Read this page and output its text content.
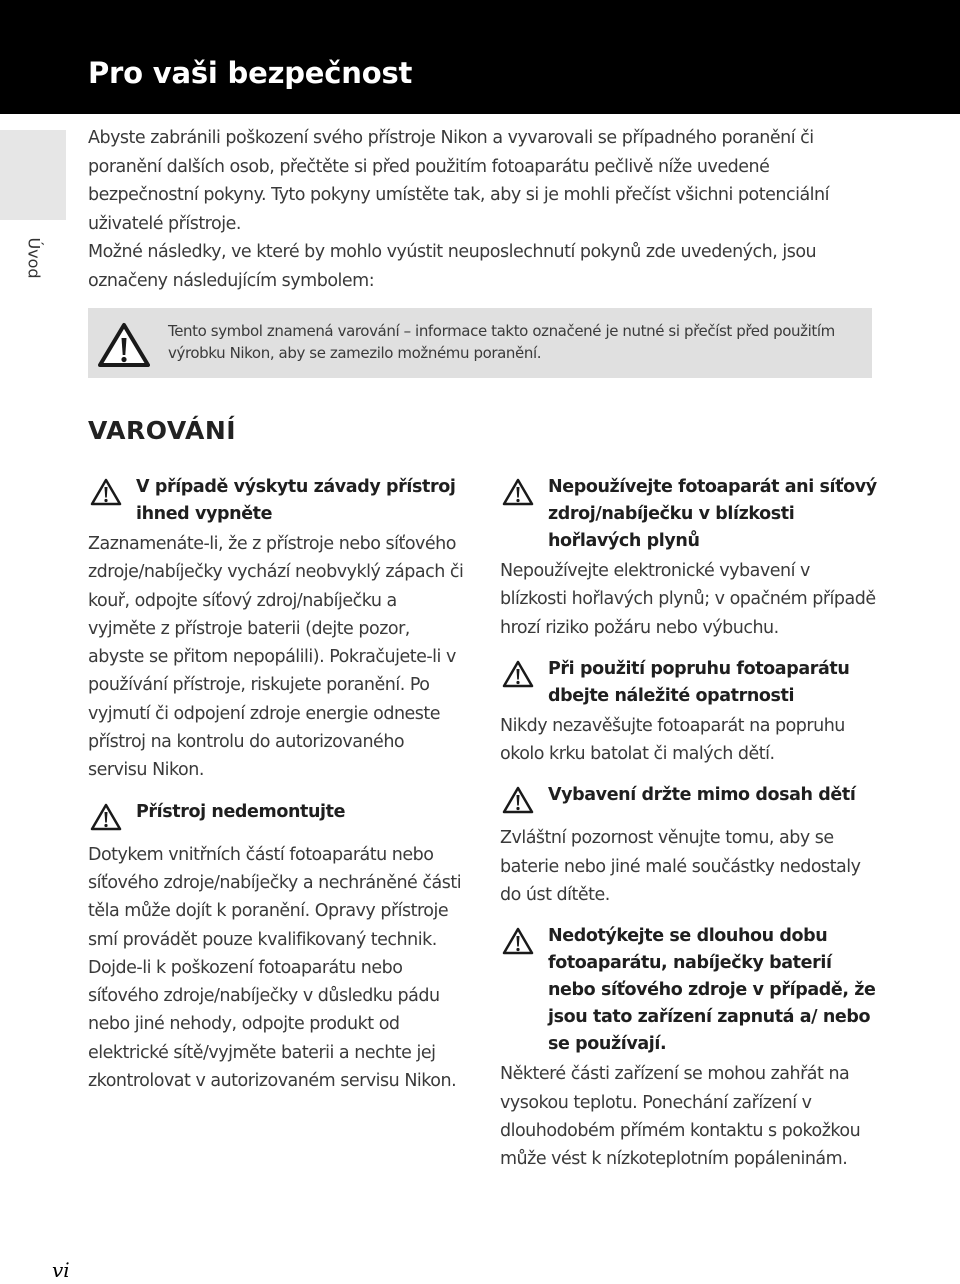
Pro vaši bezpečnost
Úvod

Abyste zabránili poškození svého přístroje Nikon a vyvarovali se případného poranění či poranění dalších osob, přečtěte si před použitím fotoaparátu pečlivě níže uvedené bezpečnostní pokyny. Tyto pokyny umístěte tak, aby si je mohli přečíst všichni potenciální uživatelé přístroje.

Možné následky, ve které by mohlo vyústit neuposlechnutí pokynů zde uvedených, jsou označeny následujícím symbolem:

Tento symbol znamená varování – informace takto označené je nutné si přečíst před použitím výrobku Nikon, aby se zamezilo možnému poranění.
VAROVÁNÍ
V případě výskytu závady přístroj ihned vypněte
Zaznamenáte-li, že z přístroje nebo síťového zdroje/nabíječky vychází neobvyklý zápach či kouř, odpojte síťový zdroj/nabíječku a vyjměte z přístroje baterii (dejte pozor, abyste se přitom nepopálili). Pokračujete-li v používání přístroje, riskujete poranění. Po vyjmutí či odpojení zdroje energie odneste přístroj na kontrolu do autorizovaného servisu Nikon.
Přístroj nedemontujte
Dotykem vnitřních částí fotoaparátu nebo síťového zdroje/nabíječky a nechráněné části těla může dojít k poranění. Opravy přístroje smí provádět pouze kvalifikovaný technik. Dojde-li k poškození fotoaparátu nebo síťového zdroje/nabíječky v důsledku pádu nebo jiné nehody, odpojte produkt od elektrické sítě/vyjměte baterii a nechte jej zkontrolovat v autorizovaném servisu Nikon.
Nepoužívejte fotoaparát ani síťový zdroj/nabíječku v blízkosti hořlavých plynů
Nepoužívejte elektronické vybavení v blízkosti hořlavých plynů; v opačném případě hrozí riziko požáru nebo výbuchu.
Při použití popruhu fotoaparátu dbejte náležité opatrnosti
Nikdy nezavěšujte fotoaparát na popruhu okolo krku batolat či malých dětí.
Vybavení držte mimo dosah dětí
Zvláštní pozornost věnujte tomu, aby se baterie nebo jiné malé součástky nedostaly do úst dítěte.
Nedotýkejte se dlouhou dobu fotoaparátu, nabíječky baterií nebo síťového zdroje v případě, že jsou tato zařízení zapnutá a/ nebo se používají.
Některé části zařízení se mohou zahřát na vysokou teplotu. Ponechání zařízení v dlouhodobém přímém kontaktu s pokožkou může vést k nízkoteplotním popáleninám.
vi
